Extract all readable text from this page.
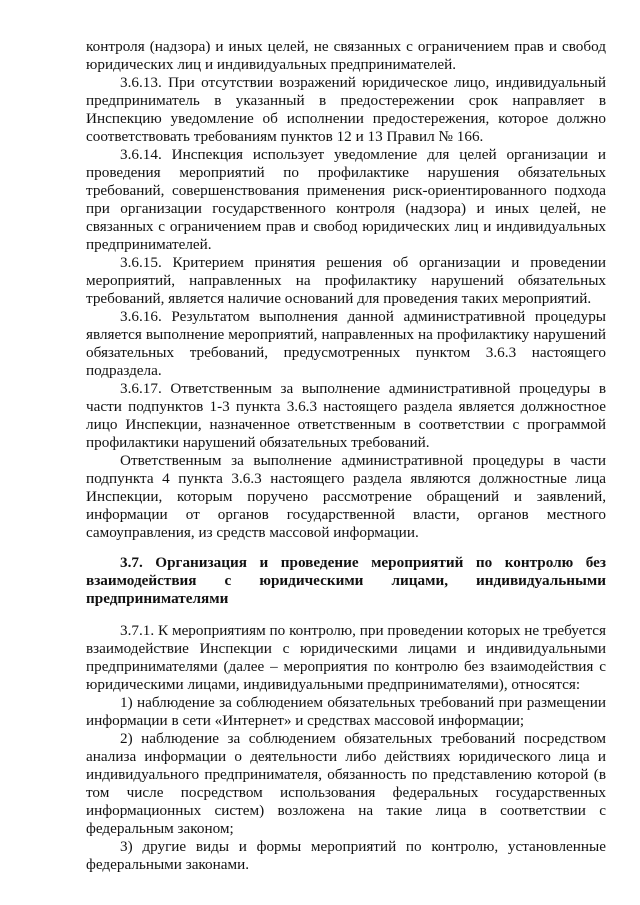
контроля (надзора) и иных целей, не связанных с ограничением прав и свобод юридических лиц и индивидуальных предпринимателей.

3.6.13. При отсутствии возражений юридическое лицо, индивидуальный предприниматель в указанный в предостережении срок направляет в Инспекцию уведомление об исполнении предостережения, которое должно соответствовать требованиям пунктов 12 и 13 Правил № 166.

3.6.14. Инспекция использует уведомление для целей организации и проведения мероприятий по профилактике нарушения обязательных требований, совершенствования применения риск-ориентированного подхода при организации государственного контроля (надзора) и иных целей, не связанных с ограничением прав и свобод юридических лиц и индивидуальных предпринимателей.

3.6.15. Критерием принятия решения об организации и проведении мероприятий, направленных на профилактику нарушений обязательных требований, является наличие оснований для проведения таких мероприятий.

3.6.16. Результатом выполнения данной административной процедуры является выполнение мероприятий, направленных на профилактику нарушений обязательных требований, предусмотренных пунктом 3.6.3 настоящего подраздела.

3.6.17. Ответственным за выполнение административной процедуры в части подпунктов 1-3 пункта 3.6.3 настоящего раздела является должностное лицо Инспекции, назначенное ответственным в соответствии с программой профилактики нарушений обязательных требований.

Ответственным за выполнение административной процедуры в части подпункта 4 пункта 3.6.3 настоящего раздела являются должностные лица Инспекции, которым поручено рассмотрение обращений и заявлений, информации от органов государственной власти, органов местного самоуправления, из средств массовой информации.

3.7. Организация и проведение мероприятий по контролю без взаимодействия с юридическими лицами, индивидуальными предпринимателями

3.7.1. К мероприятиям по контролю, при проведении которых не требуется взаимодействие Инспекции с юридическими лицами и индивидуальными предпринимателями (далее – мероприятия по контролю без взаимодействия с юридическими лицами, индивидуальными предпринимателями), относятся:

1) наблюдение за соблюдением обязательных требований при размещении информации в сети «Интернет» и средствах массовой информации;

2) наблюдение за соблюдением обязательных требований посредством анализа информации о деятельности либо действиях юридического лица и индивидуального предпринимателя, обязанность по представлению которой (в том числе посредством использования федеральных государственных информационных систем) возложена на такие лица в соответствии с федеральным законом;

3) другие виды и формы мероприятий по контролю, установленные федеральными законами.
